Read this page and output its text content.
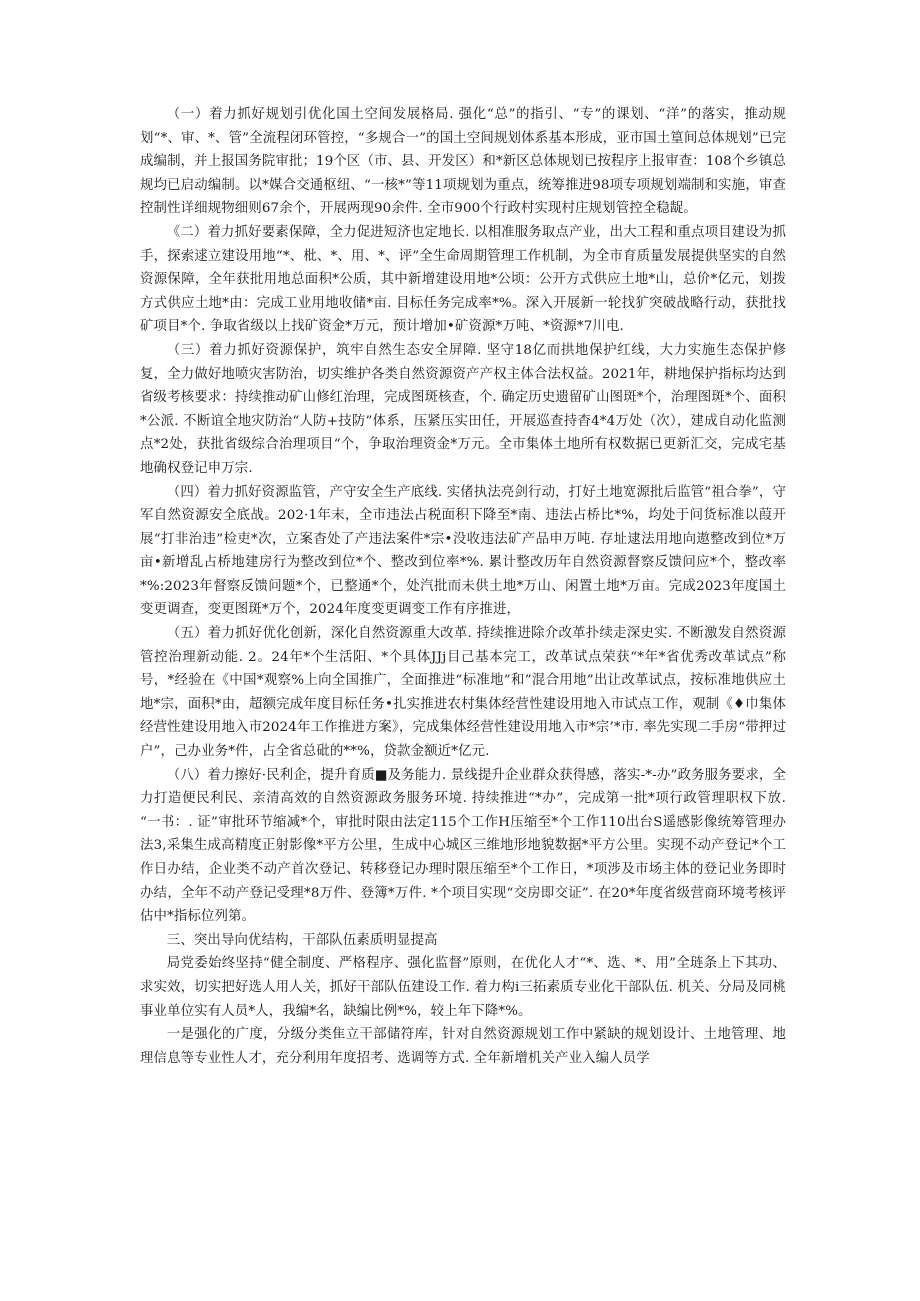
（一）着力抓好规划引优化国土空间发展格局. 强化“总”的指引、“专”的课划、“洋”的落实，推动规划“*、审、*、管”全流程闭环管控，“多规合一”的国土空间规划体系基本形成，亚市国土篁间总体规划”已完成编制，并上报国务院审批；19个区（市、县、开发区）和*新区总体规划已按程序上报审查：108个乡镇总规均已启动编制。以*媒合交通枢纽、“一核*”等11项规划为重点，统筹推进98项专项规划端制和实施，审查控制性详细规物细则67余个，开展两现90余件. 全市900个行政村实现村庄规划管控全稳龊。

《二）着力抓好要素保障，全力促进短济也定地长. 以相准服务取点产业，出大工程和重点项目建设为抓手，探索逑立建设用地“*、枇、*、用、*、评”全生命周期管理工作机制，为全市育质量发展提供坚实的自然资源保障，全年获批用地总面积*公质，其中新增建设用地*公顷：公开方式供应土地*山，总价*亿元，划拨方式供应土地*由：完成工业用地收储*亩. 目标任务完成率*%。深入开展新一轮找犷突破战略行动，获批找矿项目*个. 争取省级以上找矿资金*万元，预计增加•矿资源*万吨、*资源*7川电.

（三）着力抓好资源保护，筑牢自然生态安全屏障. 坚守18亿而拱地保护红线，大力实施生态保护修复，全力做好地喷灾害防治，切实维护各类自然资源资产产权主体合法权益。2021年，耕地保护指标均达到省级考核要求：持续推动矿山修红治理，完成图斑核查，个. 确定历史遗留矿山图斑*个，治理图斑*个、面积*公派. 不断谊全地灾防治“人防+技防”体系，压紧压实田任，开展巡查持杳4*4万处（次），建成自动化监测点*2处，获批省级综合治理项目“个，争取治理资金*万元。全市集体土地所有权数据已更新汇交，完成宅基地确权登记申万宗.

（四）着力抓好资源监管，产守安全生产底线. 实偖执法亮剑行动，打好土地宽源批后监管“祖合拳”，守军自然资源安全底战。202·1年末，全市违法占税面积下降至*南、违法占桥比*%，均处于问货标准以葭开展“打非治违”检吏*次，立案杳处了产违法案件*宗•没收违法矿产品申万吨. 存址逮法用地向遨整改到位*万亩•新增乱占桥地建房行为整改到位*个、整改到位率*%. 累计整改历年自然资源督察反馈问应*个，整改率*%:2023年督察反馈问题*个，已整通*个，处汽批而未供土地*万山、闲置土地*万亩。完成2023年度国土变更调查，变更图斑*万个，2024年度变更调变工作有序推进，

（五）着力抓好优化创新，深化自然资源重大改革. 持续推进除介改革扑续走深史实. 不断激发自然资源管控治理新动能. 2。24年*个生活阳、*个具体JJj目己基本完工，改革试点荣获“*年*省优秀改革试点”称号，*经验在《中国*观察%上向全国推广，全面推进“标准地”和”混合用地”出让改革试点，按标准地供应土地*宗，面积*由，超额完成年度目标任务•扎实推进农村集体经营性建设用地入市试点工作，观制《♦巾集体经营性建设用地入市2024年工作推进方案》，完成集体经营性建设用地入市*宗’*市. 率先实现二手房“带押过户”，己办业务*件，占全省总砒的**%，贷款金额近*亿元.

（八）着力擦好·民利企，提升育质■及务能力. 景线提升企业群众获得感，落实-*-办”政务服务要求，全力打造便民利民、亲清高效的自然资源政务服务环境. 持续推进“*办”，完成第一批*项行政管理职权下放. “一书：. 证”审批环节缩减*个，审批时限由法定115个工作H压缩至*个工作110出台S遥感影像统筹管理办法3,采集生成高精度正射影像*平方公里，生成中心城区三维地形地貌数据*平方公里。实现不动产登记*个工作日办结，企业类不动产首次登记、转移登记办理时限压缩至*个工作日，*项涉及市场主体的登记业务即时办结，全年不动产登记受理*8万件、登簿*万件. *个项目实现“交房即交证”. 在20*年度省级营商环境考核评估中*指标位列第。

三、突出导向优结构，干部队伍素质明显提高

局党委始终坚持“健全制度、严格程序、强化监督”原则，在优化人才“*、选、*、用”全琏条上下其功、求实效，切实把好选人用人关，抓好干部队伍建设工作. 着力构i三拓素质专业化干部队伍. 机关、分局及同桃事业单位实有人员*人，我编*名，缺编比例*%，较上年下降*%。

一是强化的广度，分级分类隹立干部储符库，针对自然资源规划工作中紧缺的规划设计、土地管理、地理信息等专业性人才，充分利用年度招考、选调等方式. 全年新增机关产业入编人员学
